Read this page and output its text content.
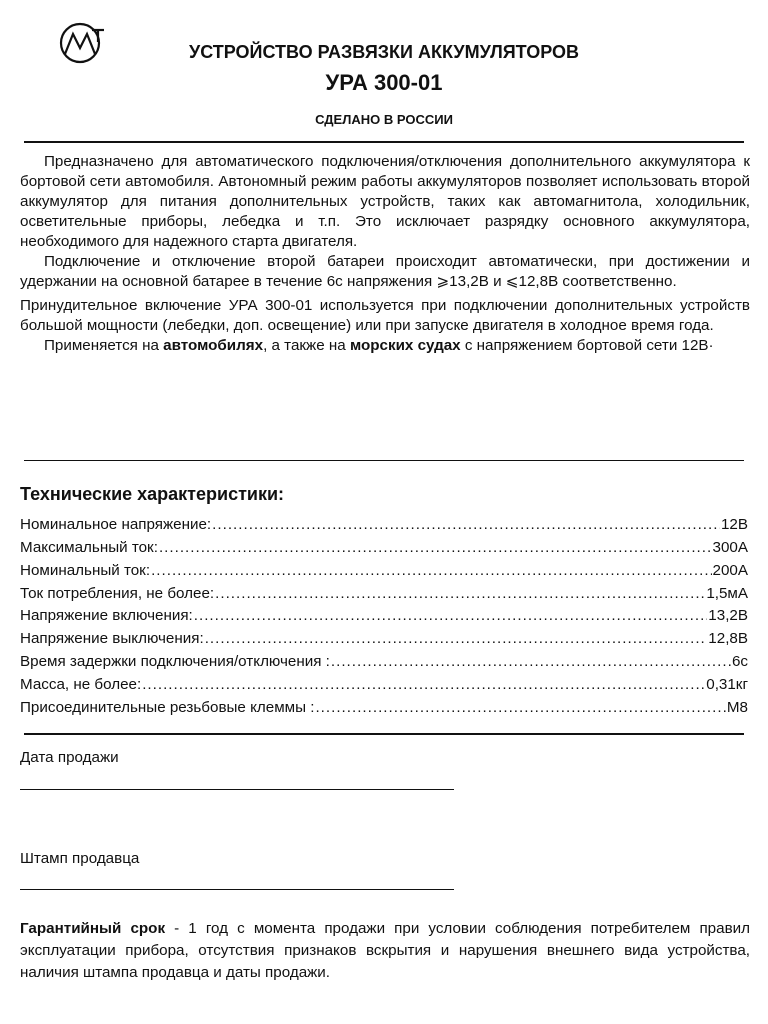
УСТРОЙСТВО РАЗВЯЗКИ АККУМУЛЯТОРОВ
УРА 300-01
СДЕЛАНО В РОССИИ

Предназначено для автоматического подключения/отключения дополнительного аккумулятора к бортовой сети автомобиля. Автономный режим работы аккумуляторов позволяет использовать второй аккумулятор для питания дополнительных устройств, таких как автомагнитола, холодильник, осветительные приборы, лебедка и т.п. Это исключает разрядку основного аккумулятора, необходимого для надежного старта двигателя.

Подключение и отключение второй батареи происходит автоматически, при достижении и удержании на основной батарее в течение 6с напряжения ⩾13,2В и ⩽12,8В соответственно.

Принудительное включение УРА 300-01 используется при подключении дополнительных устройств большой мощности (лебедки, доп. освещение) или при запуске двигателя в холодное время года.

Применяется на автомобилях, а также на морских судах с напряжением бортовой сети 12В·

Технические характеристики:
Номинальное напряжение: .....	12В
Максимальный ток: .....	300А
Номинальный ток: .....	200А
Ток потребления, не более: .....	1,5мА
Напряжение включения: .....	13,2В
Напряжение выключения: .....	12,8В
Время задержки подключения/отключения : .....	6с
Масса, не более: .....	0,31кг
Присоединительные резьбовые клеммы : .....	М8
Дата продажи
Штамп продавца
Гарантийный срок - 1 год с момента продажи при условии соблюдения потребителем правил эксплуатации прибора, отсутствия признаков вскрытия и нарушения внешнего вида устройства, наличия штампа продавца и даты продажи.
